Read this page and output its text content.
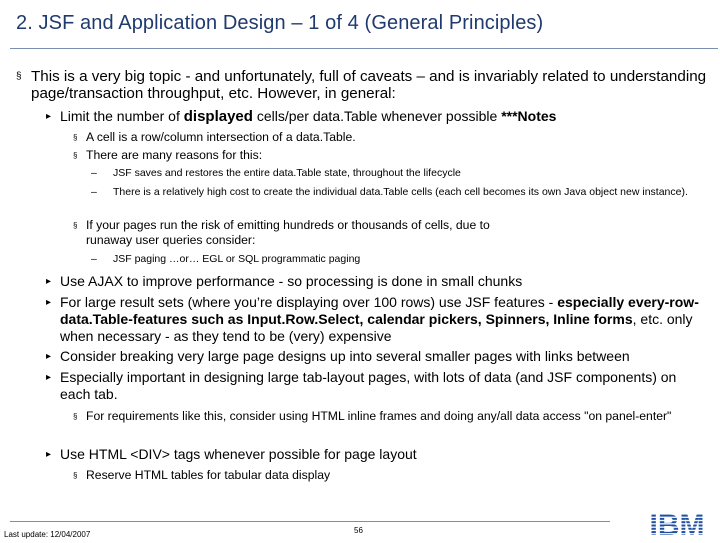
2. JSF and Application Design – 1 of 4 (General Principles)
§ This is a very big topic - and unfortunately, full of caveats – and is invariably related to understanding page/transaction throughput, etc. However, in general:
▸ Limit the number of displayed cells/per data.Table whenever possible ***Notes
§ A cell is a row/column intersection of a data.Table.
§ There are many reasons for this:
– JSF saves and restores the entire data.Table state, throughout the lifecycle
– There is a relatively high cost to create the individual data.Table cells (each cell becomes its own Java object new instance).
§ If your pages run the risk of emitting hundreds or thousands of cells, due to runaway user queries consider:
– JSF paging …or… EGL or SQL programmatic paging
▸ Use AJAX to improve performance - so processing is done in small chunks
▸ For large result sets (where you’re displaying over 100 rows) use JSF features - especially every-row-data.Table-features such as Input.Row.Select, calendar pickers, Spinners, Inline forms, etc. only when necessary - as they tend to be (very) expensive
▸ Consider breaking very large page designs up into several smaller pages with links between
▸ Especially important in designing large tab-layout pages, with lots of data (and JSF components) on each tab.
§ For requirements like this, consider using HTML inline frames and doing any/all data access "on panel-enter"
▸ Use HTML <DIV> tags whenever possible for page layout
§ Reserve HTML tables for tabular data display
Last update: 12/04/2007	56
